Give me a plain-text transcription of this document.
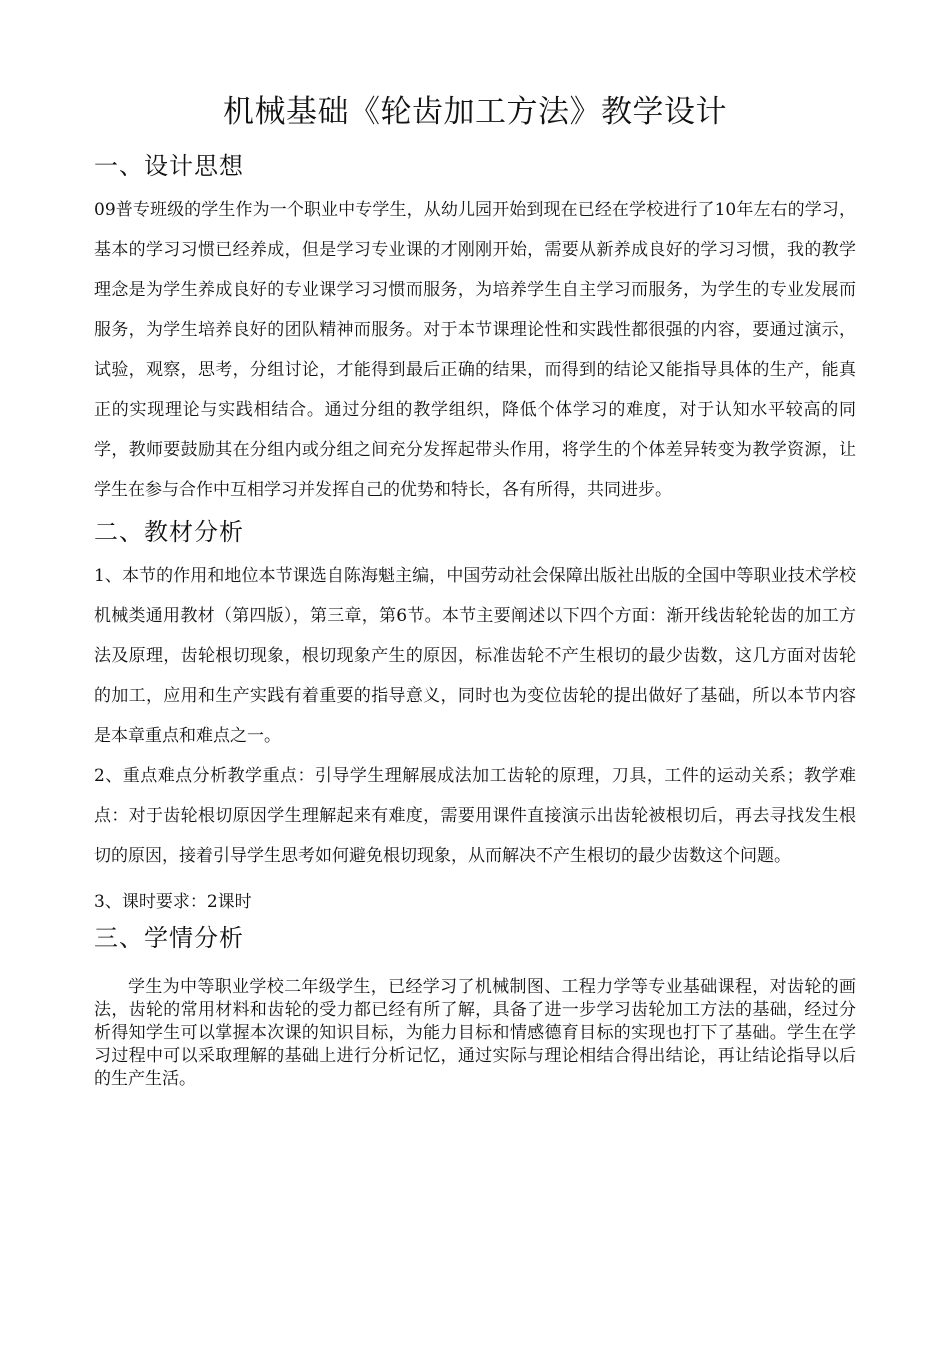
机械基础《轮齿加工方法》教学设计
一、设计思想

09普专班级的学生作为一个职业中专学生，从幼儿园开始到现在已经在学校进行了10年左右的学习，基本的学习习惯已经养成，但是学习专业课的才刚刚开始，需要从新养成良好的学习习惯，我的教学理念是为学生养成良好的专业课学习习惯而服务，为培养学生自主学习而服务，为学生的专业发展而服务，为学生培养良好的团队精神而服务。对于本节课理论性和实践性都很强的内容，要通过演示，试验，观察，思考，分组讨论，才能得到最后正确的结果，而得到的结论又能指导具体的生产，能真正的实现理论与实践相结合。通过分组的教学组织，降低个体学习的难度，对于认知水平较高的同学，教师要鼓励其在分组内或分组之间充分发挥起带头作用，将学生的个体差异转变为教学资源，让学生在参与合作中互相学习并发挥自己的优势和特长，各有所得，共同进步。

二、教材分析

1、本节的作用和地位本节课选自陈海魁主编，中国劳动社会保障出版社出版的全国中等职业技术学校机械类通用教材（第四版），第三章，第6节。本节主要阐述以下四个方面：渐开线齿轮轮齿的加工方法及原理，齿轮根切现象，根切现象产生的原因，标准齿轮不产生根切的最少齿数，这几方面对齿轮的加工，应用和生产实践有着重要的指导意义，同时也为变位齿轮的提出做好了基础，所以本节内容是本章重点和难点之一。

2、重点难点分析教学重点：引导学生理解展成法加工齿轮的原理，刀具，工件的运动关系；教学难点：对于齿轮根切原因学生理解起来有难度，需要用课件直接演示出齿轮被根切后，再去寻找发生根切的原因，接着引导学生思考如何避免根切现象，从而解决不产生根切的最少齿数这个问题。

3、课时要求：2课时

三、学情分析

学生为中等职业学校二年级学生，已经学习了机械制图、工程力学等专业基础课程，对齿轮的画法，齿轮的常用材料和齿轮的受力都已经有所了解，具备了进一步学习齿轮加工方法的基础，经过分析得知学生可以掌握本次课的知识目标，为能力目标和情感德育目标的实现也打下了基础。学生在学习过程中可以采取理解的基础上进行分析记忆，通过实际与理论相结合得出结论，再让结论指导以后的生产生活。
